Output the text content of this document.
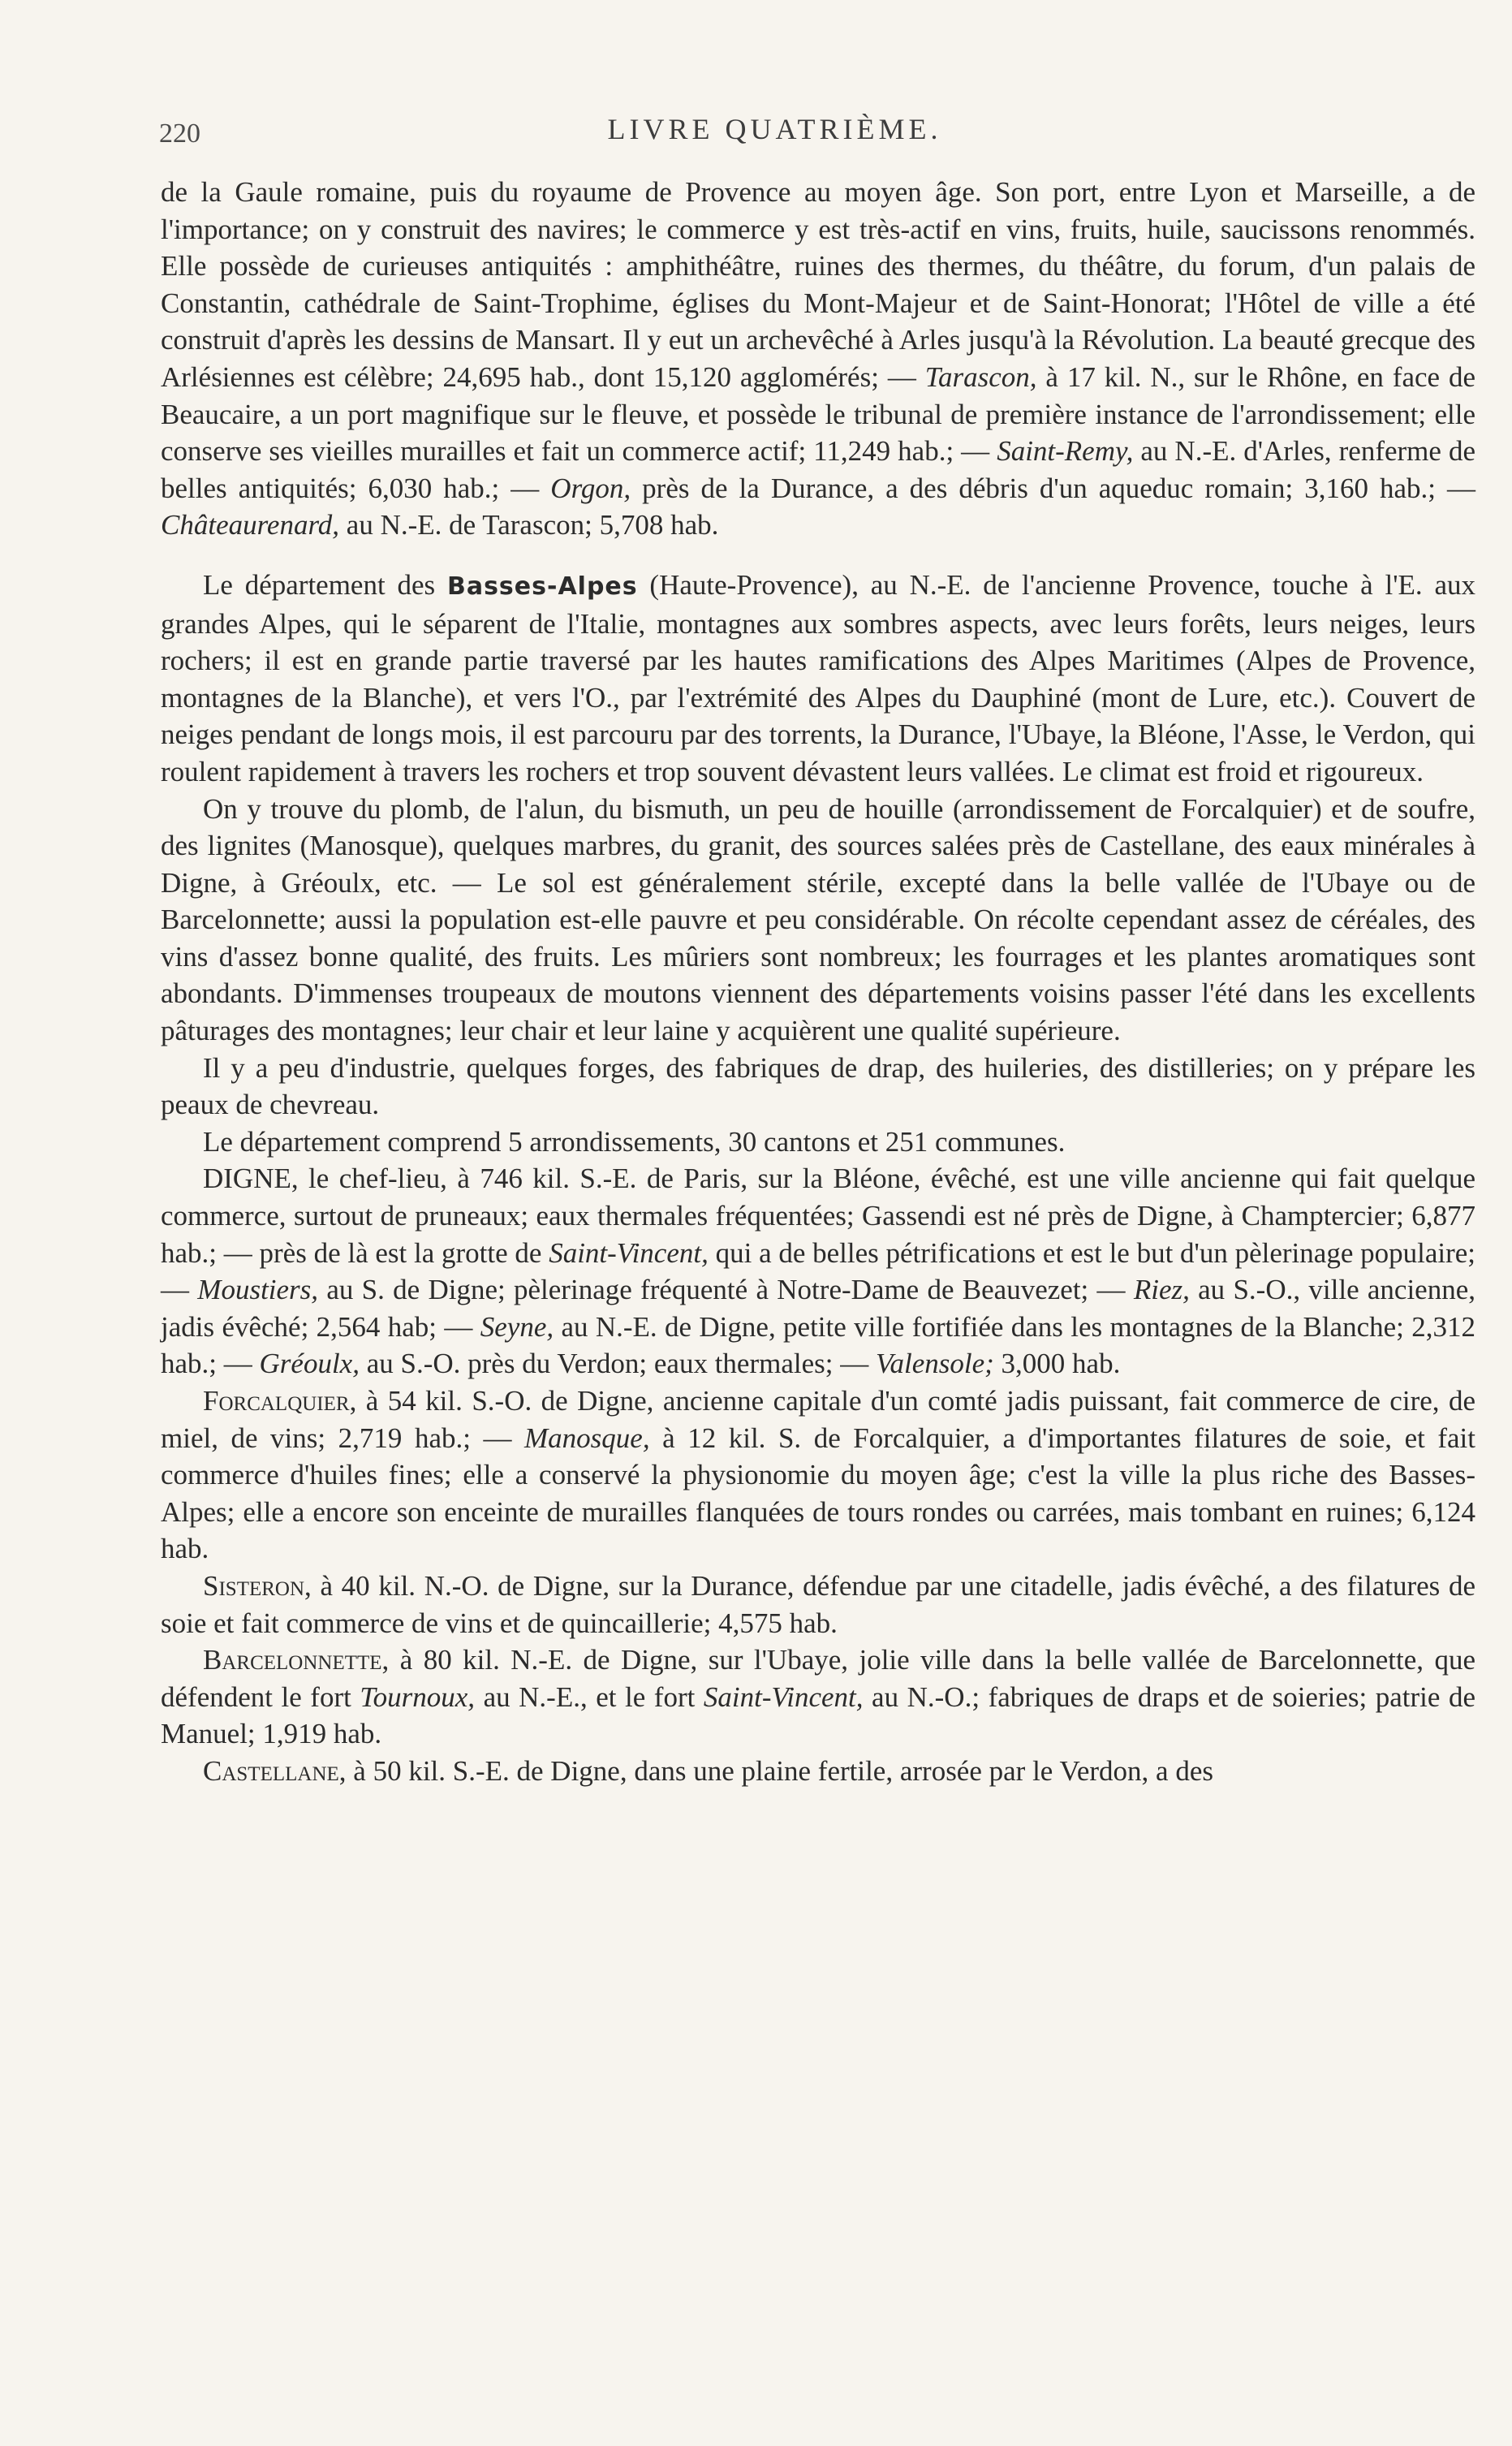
220	LIVRE QUATRIÈME.

de la Gaule romaine, puis du royaume de Provence au moyen âge. Son port, entre Lyon et Marseille, a de l'importance; on y construit des navires; le commerce y est très-actif en vins, fruits, huile, saucissons renommés. Elle possède de curieuses antiquités : amphithéâtre, ruines des thermes, du théâtre, du forum, d'un palais de Constantin, cathédrale de Saint-Trophime, églises du Mont-Majeur et de Saint-Honorat; l'Hôtel de ville a été construit d'après les dessins de Mansart. Il y eut un archevêché à Arles jusqu'à la Révolution. La beauté grecque des Arlésiennes est célèbre; 24,695 hab., dont 15,120 agglomérés; — Tarascon, à 17 kil. N., sur le Rhône, en face de Beaucaire, a un port magnifique sur le fleuve, et possède le tribunal de première instance de l'arrondissement; elle conserve ses vieilles murailles et fait un commerce actif; 11,249 hab.; — Saint-Remy, au N.-E. d'Arles, renferme de belles antiquités; 6,030 hab.; — Orgon, près de la Durance, a des débris d'un aqueduc romain; 3,160 hab.; — Châteaurenard, au N.-E. de Tarascon; 5,708 hab.

Le département des Basses-Alpes (Haute-Provence), au N.-E. de l'ancienne Provence, touche à l'E. aux grandes Alpes, qui le séparent de l'Italie, montagnes aux sombres aspects, avec leurs forêts, leurs neiges, leurs rochers; il est en grande partie traversé par les hautes ramifications des Alpes Maritimes (Alpes de Provence, montagnes de la Blanche), et vers l'O., par l'extrémité des Alpes du Dauphiné (mont de Lure, etc.). Couvert de neiges pendant de longs mois, il est parcouru par des torrents, la Durance, l'Ubaye, la Bléone, l'Asse, le Verdon, qui roulent rapidement à travers les rochers et trop souvent dévastent leurs vallées. Le climat est froid et rigoureux.

On y trouve du plomb, de l'alun, du bismuth, un peu de houille (arrondissement de Forcalquier) et de soufre, des lignites (Manosque), quelques marbres, du granit, des sources salées près de Castellane, des eaux minérales à Digne, à Gréoulx, etc. — Le sol est généralement stérile, excepté dans la belle vallée de l'Ubaye ou de Barcelonnette; aussi la population est-elle pauvre et peu considérable. On récolte cependant assez de céréales, des vins d'assez bonne qualité, des fruits. Les mûriers sont nombreux; les fourrages et les plantes aromatiques sont abondants. D'immenses troupeaux de moutons viennent des départements voisins passer l'été dans les excellents pâturages des montagnes; leur chair et leur laine y acquièrent une qualité supérieure.

Il y a peu d'industrie, quelques forges, des fabriques de drap, des huileries, des distilleries; on y prépare les peaux de chevreau.

Le département comprend 5 arrondissements, 30 cantons et 251 communes.

DIGNE, le chef-lieu, à 746 kil. S.-E. de Paris, sur la Bléone, évêché, est une ville ancienne qui fait quelque commerce, surtout de pruneaux; eaux thermales fréquentées; Gassendi est né près de Digne, à Champtercier; 6,877 hab.; — près de là est la grotte de Saint-Vincent, qui a de belles pétrifications et est le but d'un pèlerinage populaire; — Moustiers, au S. de Digne; pèlerinage fréquenté à Notre-Dame de Beauvezet; — Riez, au S.-O., ville ancienne, jadis évêché; 2,564 hab; — Seyne, au N.-E. de Digne, petite ville fortifiée dans les montagnes de la Blanche; 2,312 hab.; — Gréoulx, au S.-O. près du Verdon; eaux thermales; — Valensole; 3,000 hab.

Forcalquier, à 54 kil. S.-O. de Digne, ancienne capitale d'un comté jadis puissant, fait commerce de cire, de miel, de vins; 2,719 hab.; — Manosque, à 12 kil. S. de Forcalquier, a d'importantes filatures de soie, et fait commerce d'huiles fines; elle a conservé la physionomie du moyen âge; c'est la ville la plus riche des Basses-Alpes; elle a encore son enceinte de murailles flanquées de tours rondes ou carrées, mais tombant en ruines; 6,124 hab.

Sisteron, à 40 kil. N.-O. de Digne, sur la Durance, défendue par une citadelle, jadis évêché, a des filatures de soie et fait commerce de vins et de quincaillerie; 4,575 hab.

Barcelonnette, à 80 kil. N.-E. de Digne, sur l'Ubaye, jolie ville dans la belle vallée de Barcelonnette, que défendent le fort Tournoux, au N.-E., et le fort Saint-Vincent, au N.-O.; fabriques de draps et de soieries; patrie de Manuel; 1,919 hab.

Castellane, à 50 kil. S.-E. de Digne, dans une plaine fertile, arrosée par le Verdon, a des
